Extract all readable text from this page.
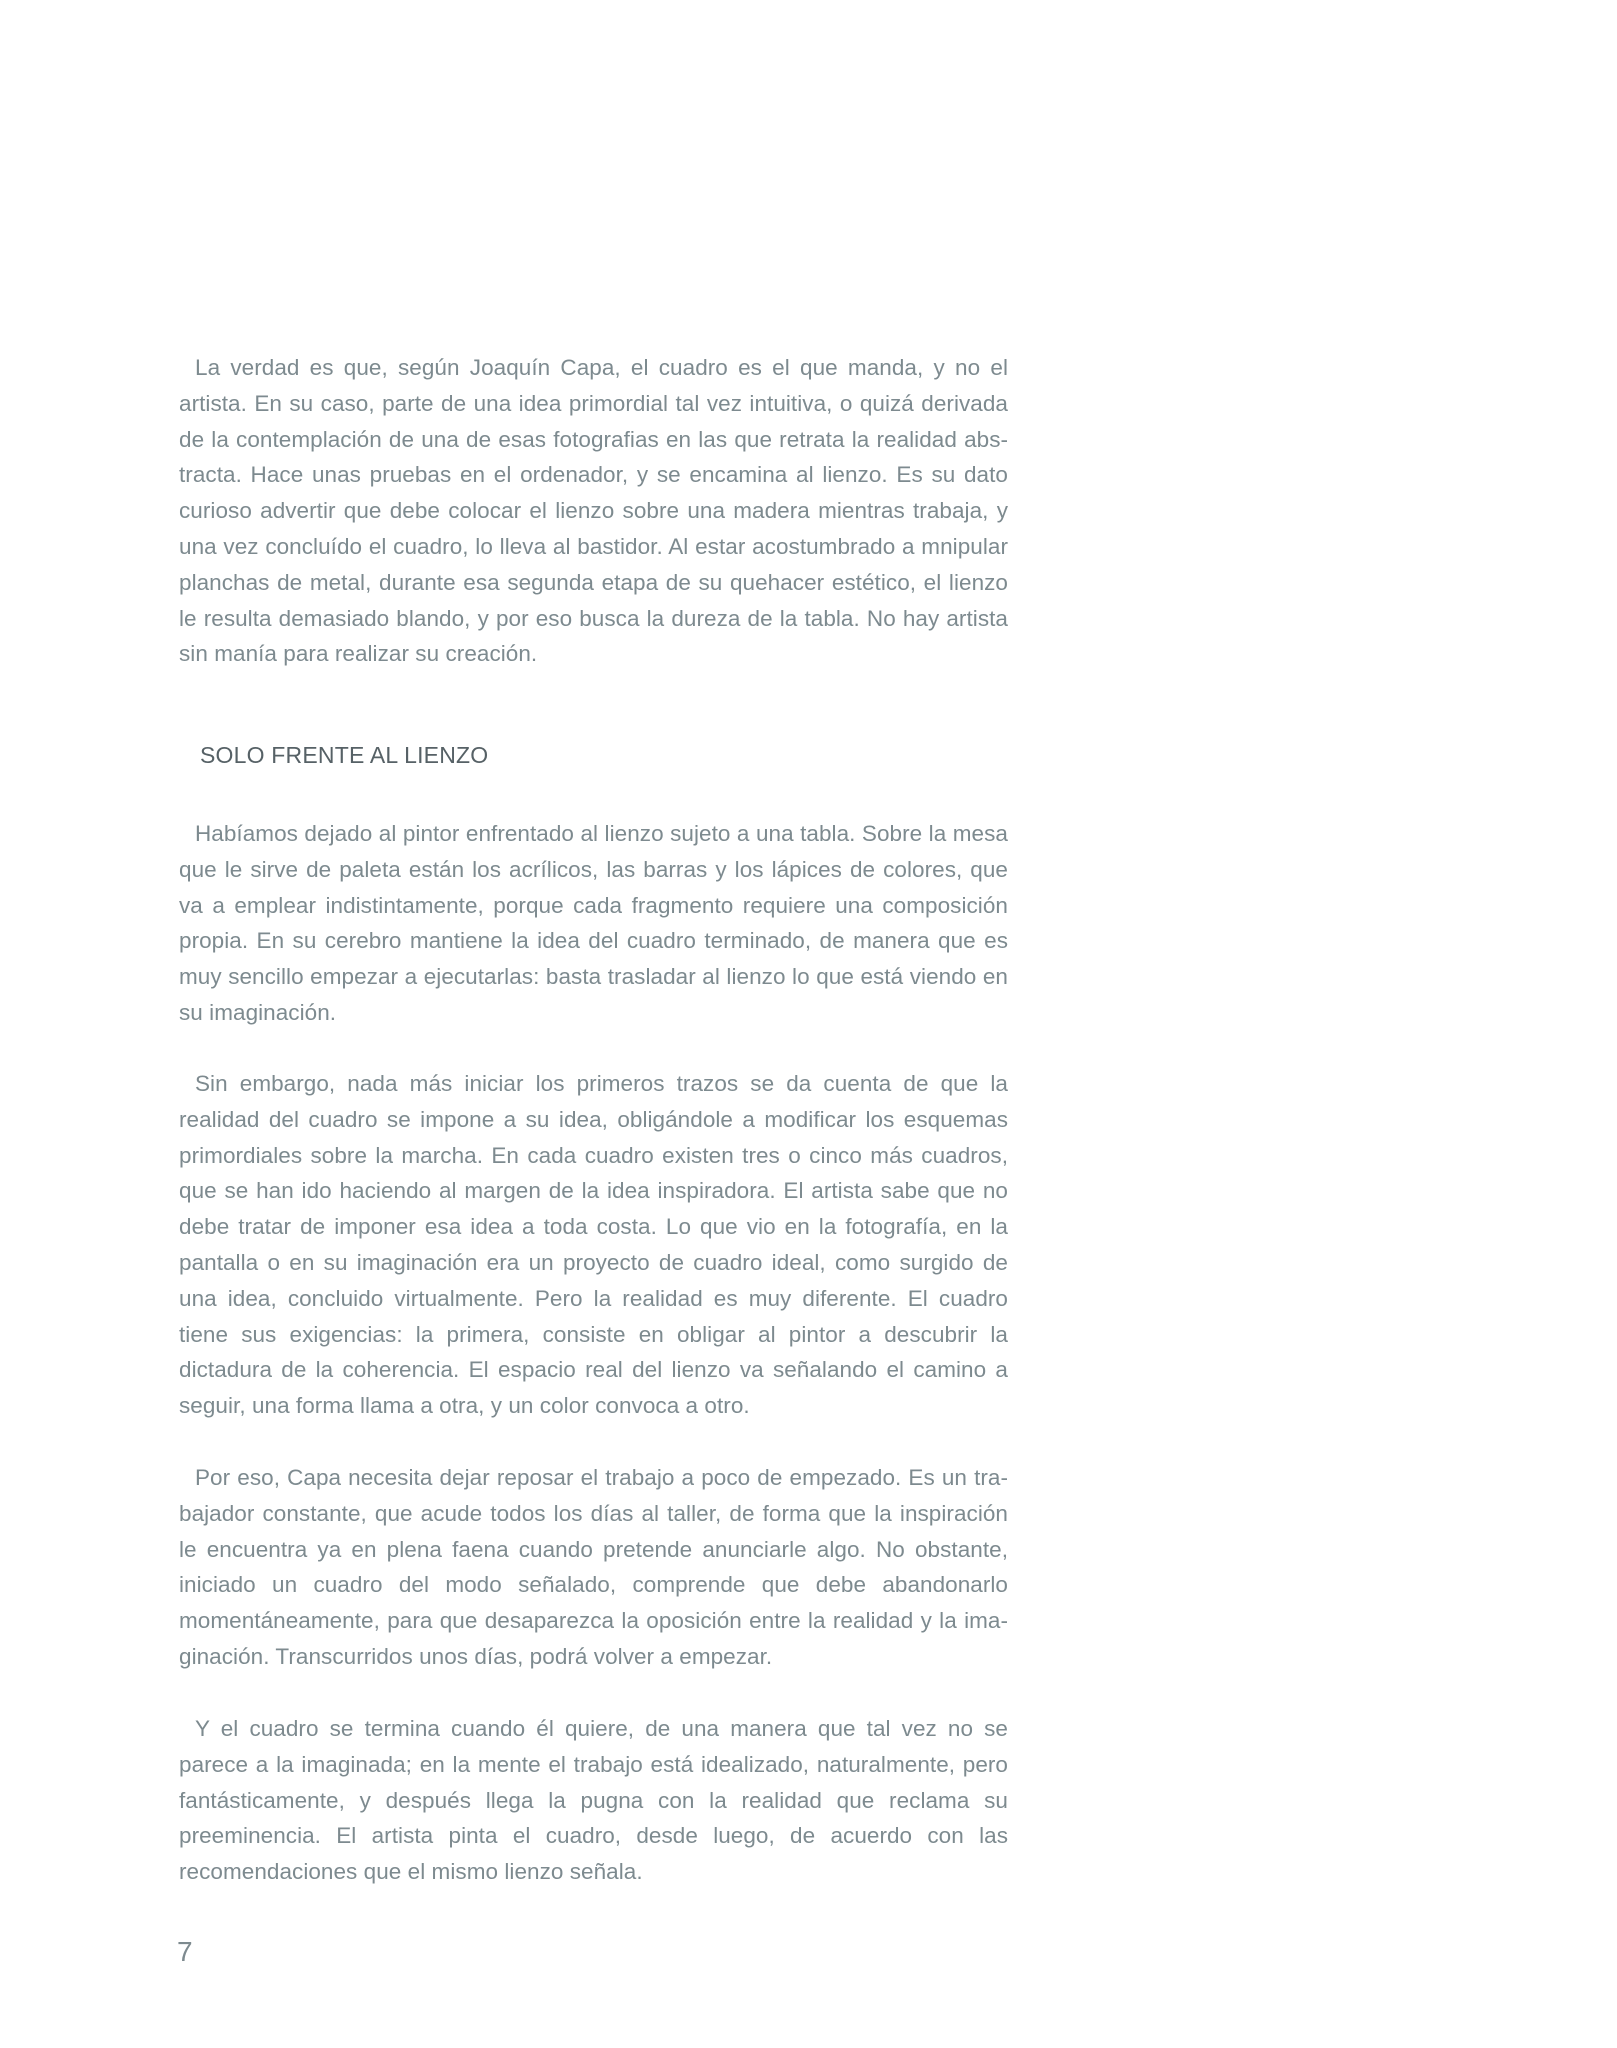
La verdad es que, según Joaquín Capa, el cuadro es el que manda, y no el artista. En su caso, parte de una idea primordial tal vez intuitiva, o quizá derivada de la contemplación de una de esas fotografias en las que retrata la realidad abstracta. Hace unas pruebas en el ordenador, y se encamina al lienzo. Es su dato curioso advertir que debe colocar el lienzo sobre una madera mientras trabaja, y una vez concluído el cuadro, lo lleva al bastidor. Al estar acostumbrado a mnipular planchas de metal, durante esa segunda etapa de su quehacer estético, el lienzo le resulta demasiado blando, y por eso busca la dureza de la tabla. No hay artista sin manía para realizar su creación.

SOLO FRENTE AL LIENZO

Habíamos dejado al pintor enfrentado al lienzo sujeto a una tabla. Sobre la mesa que le sirve de paleta están los acrílicos, las barras y los lápices de colores, que va a emplear indistintamente, porque cada fragmento requiere una composición propia. En su cerebro mantiene la idea del cuadro terminado, de manera que es muy sencillo empezar a ejecutarlas: basta trasladar al lienzo lo que está viendo en su imaginación.

Sin embargo, nada más iniciar los primeros trazos se da cuenta de que la realidad del cuadro se impone a su idea, obligándole a modificar los esquemas primordiales sobre la marcha. En cada cuadro existen tres o cinco más cuadros, que se han ido haciendo al margen de la idea inspiradora. El artista sabe que no debe tratar de imponer esa idea a toda costa. Lo que vio en la fotografía, en la pantalla o en su imaginación era un proyecto de cuadro ideal, como surgido de una idea, concluido virtualmente. Pero la realidad es muy diferente. El cuadro tiene sus exigencias: la primera, consiste en obligar al pintor a descubrir la dictadura de la coherencia. El espacio real del lienzo va señalando el camino a seguir, una forma llama a otra, y un color convoca a otro.

Por eso, Capa necesita dejar reposar el trabajo a poco de empezado. Es un trabajador constante, que acude todos los días al taller, de forma que la inspiración le encuentra ya en plena faena cuando pretende anunciarle algo. No obstante, iniciado un cuadro del modo señalado, comprende que debe abandonarlo momentáneamente, para que desaparezca la oposición entre la realidad y la imaginación. Transcurridos unos días, podrá volver a empezar.

Y el cuadro se termina cuando él quiere, de una manera que tal vez no se parece a la imaginada; en la mente el trabajo está idealizado, naturalmente, pero fantásticamente, y después llega la pugna con la realidad que reclama su preeminencia. El artista pinta el cuadro, desde luego, de acuerdo con las recomendaciones que el mismo lienzo señala.

7
